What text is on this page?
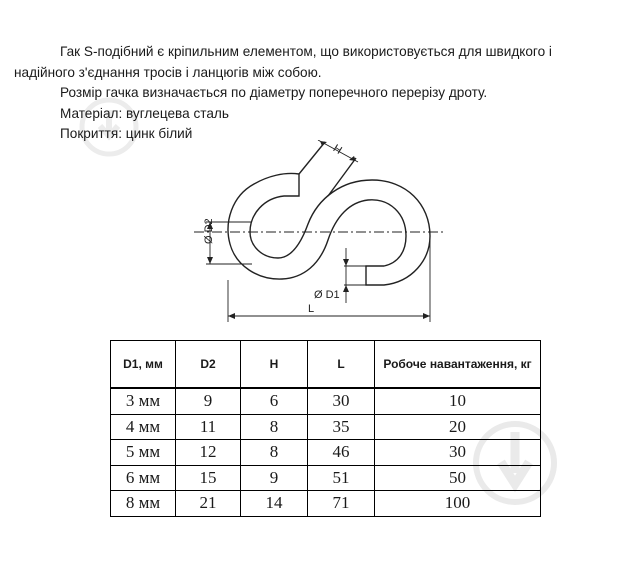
Гак S-подібний є кріпильним елементом, що використовується для швидкого і надійного з'єднання тросів і ланцюгів між собою.

Розмір гачка визначається по діаметру поперечного перерізу дроту.

Матеріал: вуглецева сталь

Покриття: цинк білий

H
Ø D2
Ø D1
L
D1, мм	D2	H	L	Робоче навантаження, кг
3 мм	9	6	30	10
4 мм	11	8	35	20
5 мм	12	8	46	30
6 мм	15	9	51	50
8 мм	21	14	71	100
